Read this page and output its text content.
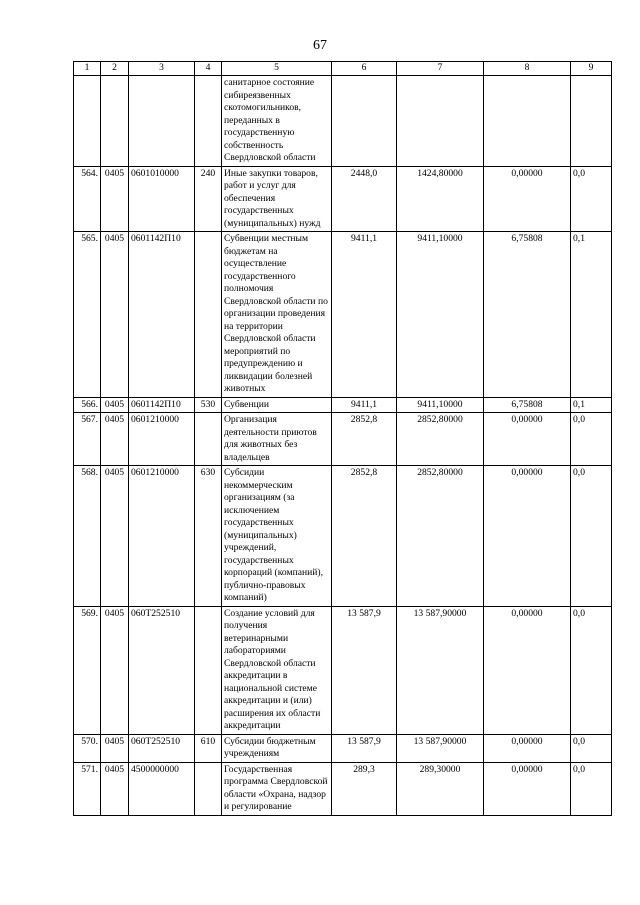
67
1	2	3	4	5	6	7	8	9
				санитарное состояние сибиреязвенных скотомогильников, переданных в государственную собственность Свердловской области				
564.	0405	0601010000	240	Иные закупки товаров, работ и услуг для обеспечения государственных (муниципальных) нужд	2448,0	1424,80000	0,00000	0,0
565.	0405	0601142П10		Субвенции местным бюджетам на осуществление государственного полномочия Свердловской области по организации проведения на территории Свердловской области мероприятий по предупреждению и ликвидации болезней животных	9411,1	9411,10000	6,75808	0,1
566.	0405	0601142П10	530	Субвенции	9411,1	9411,10000	6,75808	0,1
567.	0405	0601210000		Организация деятельности приютов для животных без владельцев	2852,8	2852,80000	0,00000	0,0
568.	0405	0601210000	630	Субсидии некоммерческим организациям (за исключением государственных (муниципальных) учреждений, государственных корпораций (компаний), публично-правовых компаний)	2852,8	2852,80000	0,00000	0,0
569.	0405	060Т252510		Создание условий для получения ветеринарными лабораториями Свердловской области аккредитации в национальной системе аккредитации и (или) расширения их области аккредитации	13 587,9	13 587,90000	0,00000	0,0
570.	0405	060Т252510	610	Субсидии бюджетным учреждениям	13 587,9	13 587,90000	0,00000	0,0
571.	0405	4500000000		Государственная программа Свердловской области «Охрана, надзор и регулирование	289,3	289,30000	0,00000	0,0
